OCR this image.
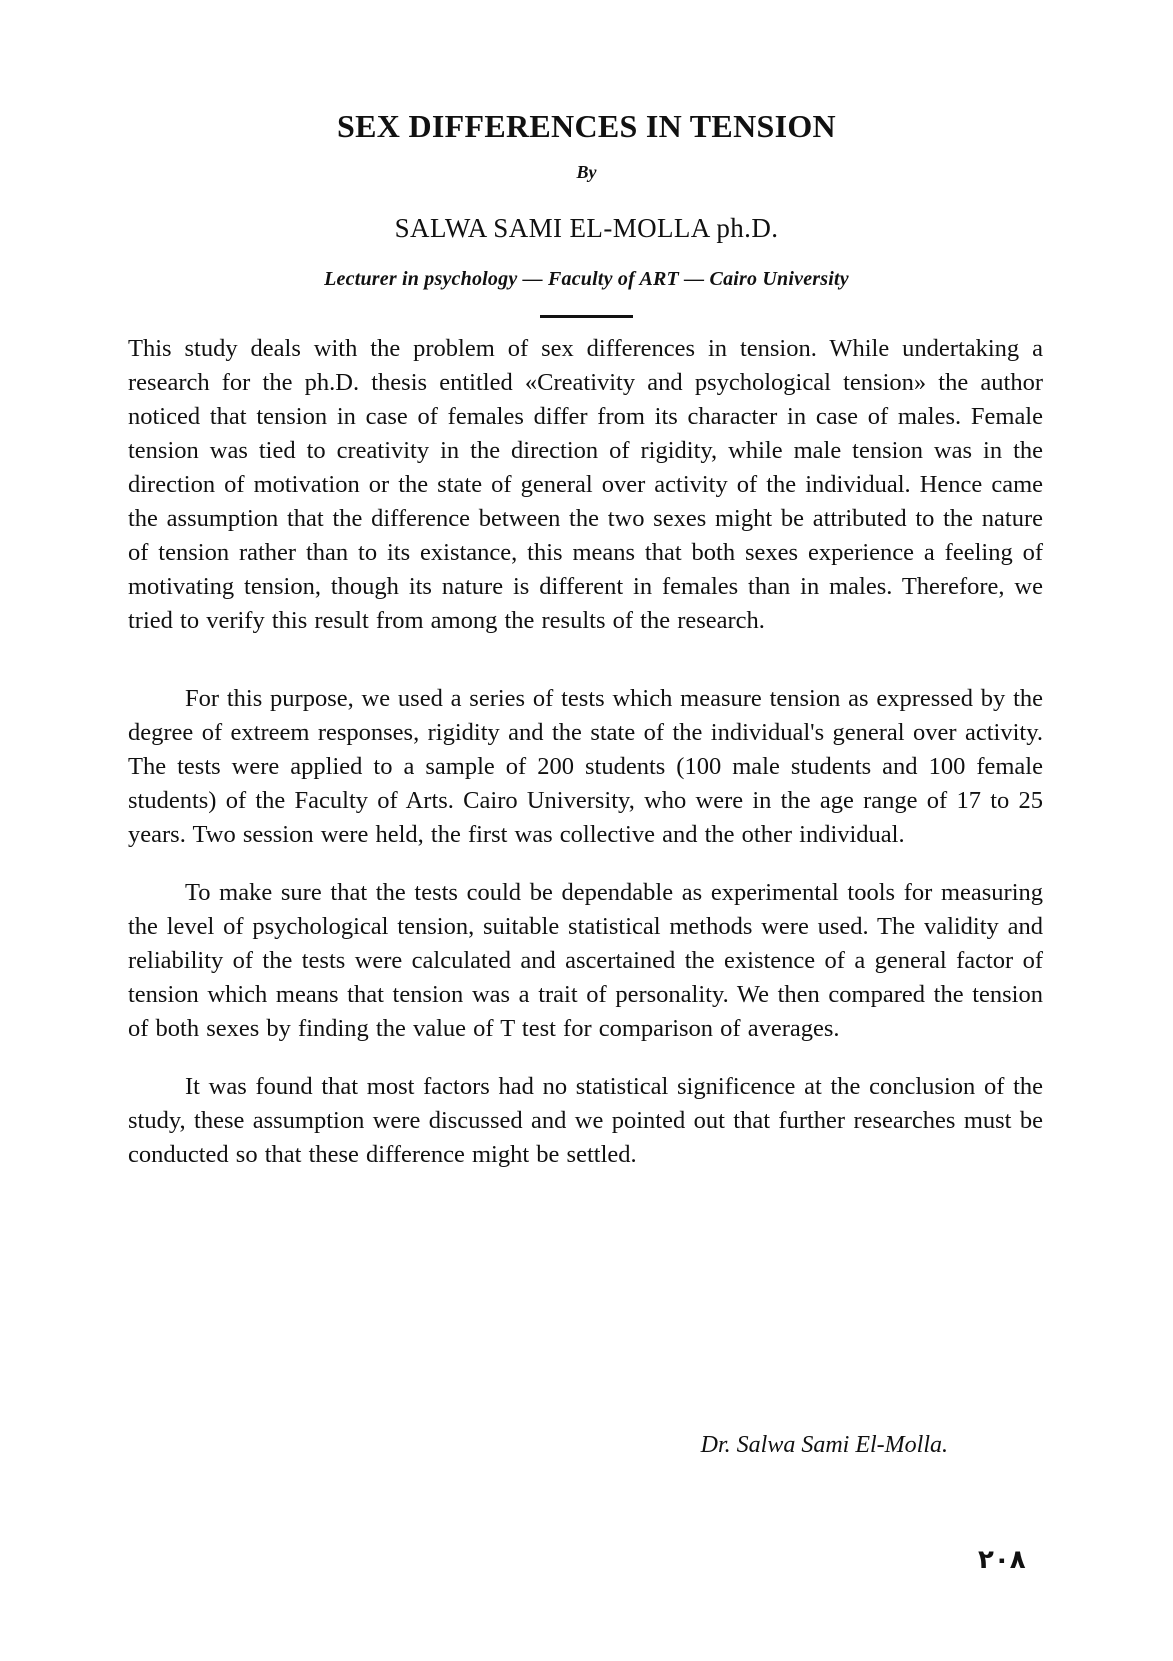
SEX DIFFERENCES IN TENSION
By
SALWA SAMI EL-MOLLA ph.D.
Lecturer in psychology — Faculty of ART — Cairo University

This study deals with the problem of sex differences in tension. While undertaking a research for the ph.D. thesis entitled «Creativity and psychological tension» the author noticed that tension in case of females differ from its character in case of males. Female tension was tied to creativity in the direction of rigidity, while male tension was in the direction of motivation or the state of general over activity of the individual. Hence came the assumption that the difference between the two sexes might be attributed to the nature of tension rather than to its existance, this means that both sexes experience a feeling of motivating tension, though its nature is different in females than in males. Therefore, we tried to verify this result from among the results of the research.

For this purpose, we used a series of tests which measure tension as expressed by the degree of extreem responses, rigidity and the state of the individual's general over activity. The tests were applied to a sample of 200 students (100 male students and 100 female students) of the Faculty of Arts. Cairo University, who were in the age range of 17 to 25 years. Two session were held, the first was collective and the other individual.

To make sure that the tests could be dependable as experimental tools for measuring the level of psychological tension, suitable statistical methods were used. The validity and reliability of the tests were calculated and ascertained the existence of a general factor of tension which means that tension was a trait of personality. We then compared the tension of both sexes by finding the value of T test for comparison of averages.

It was found that most factors had no statistical significence at the conclusion of the study, these assumption were discussed and we pointed out that further researches must be conducted so that these difference might be settled.

Dr. Salwa Sami El-Molla.
٢٠٨
